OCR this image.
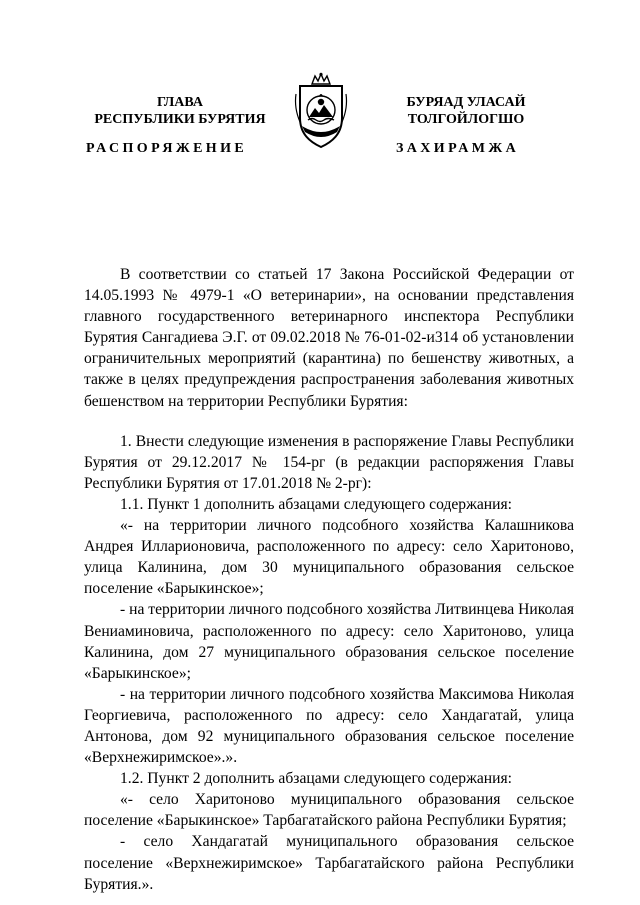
ГЛАВА
РЕСПУБЛИКИ БУРЯТИЯ
БУРЯАД УЛАСАЙ
ТОЛГОЙЛОГШО
РАСПОРЯЖЕНИЕ	ЗАХИРАМЖА

В соответствии со статьей 17 Закона Российской Федерации от 14.05.1993 № 4979-1 «О ветеринарии», на основании представления главного государственного ветеринарного инспектора Республики Бурятия Сангадиева Э.Г. от 09.02.2018 № 76-01-02-и314 об установлении ограничительных мероприятий (карантина) по бешенству животных, а также в целях предупреждения распространения заболевания животных бешенством на территории Республики Бурятия:

1. Внести следующие изменения в распоряжение Главы Республики Бурятия от 29.12.2017 № 154-рг (в редакции распоряжения Главы Республики Бурятия от 17.01.2018 № 2-рг):

1.1. Пункт 1 дополнить абзацами следующего содержания:

«- на территории личного подсобного хозяйства Калашникова Андрея Илларионовича, расположенного по адресу: село Харитоново, улица Калинина, дом 30 муниципального образования сельское поселение «Барыкинское»;

- на территории личного подсобного хозяйства Литвинцева Николая Вениаминовича, расположенного по адресу: село Харитоново, улица Калинина, дом 27 муниципального образования сельское поселение «Барыкинское»;

- на территории личного подсобного хозяйства Максимова Николая Георгиевича, расположенного по адресу: село Хандагатай, улица Антонова, дом 92 муниципального образования сельское поселение «Верхнежиримское».».

1.2. Пункт 2 дополнить абзацами следующего содержания:

«- село Харитоново муниципального образования сельское поселение «Барыкинское» Тарбагатайского района Республики Бурятия;

- село Хандагатай муниципального образования сельское поселение «Верхнежиримское» Тарбагатайского района Республики Бурятия.».
